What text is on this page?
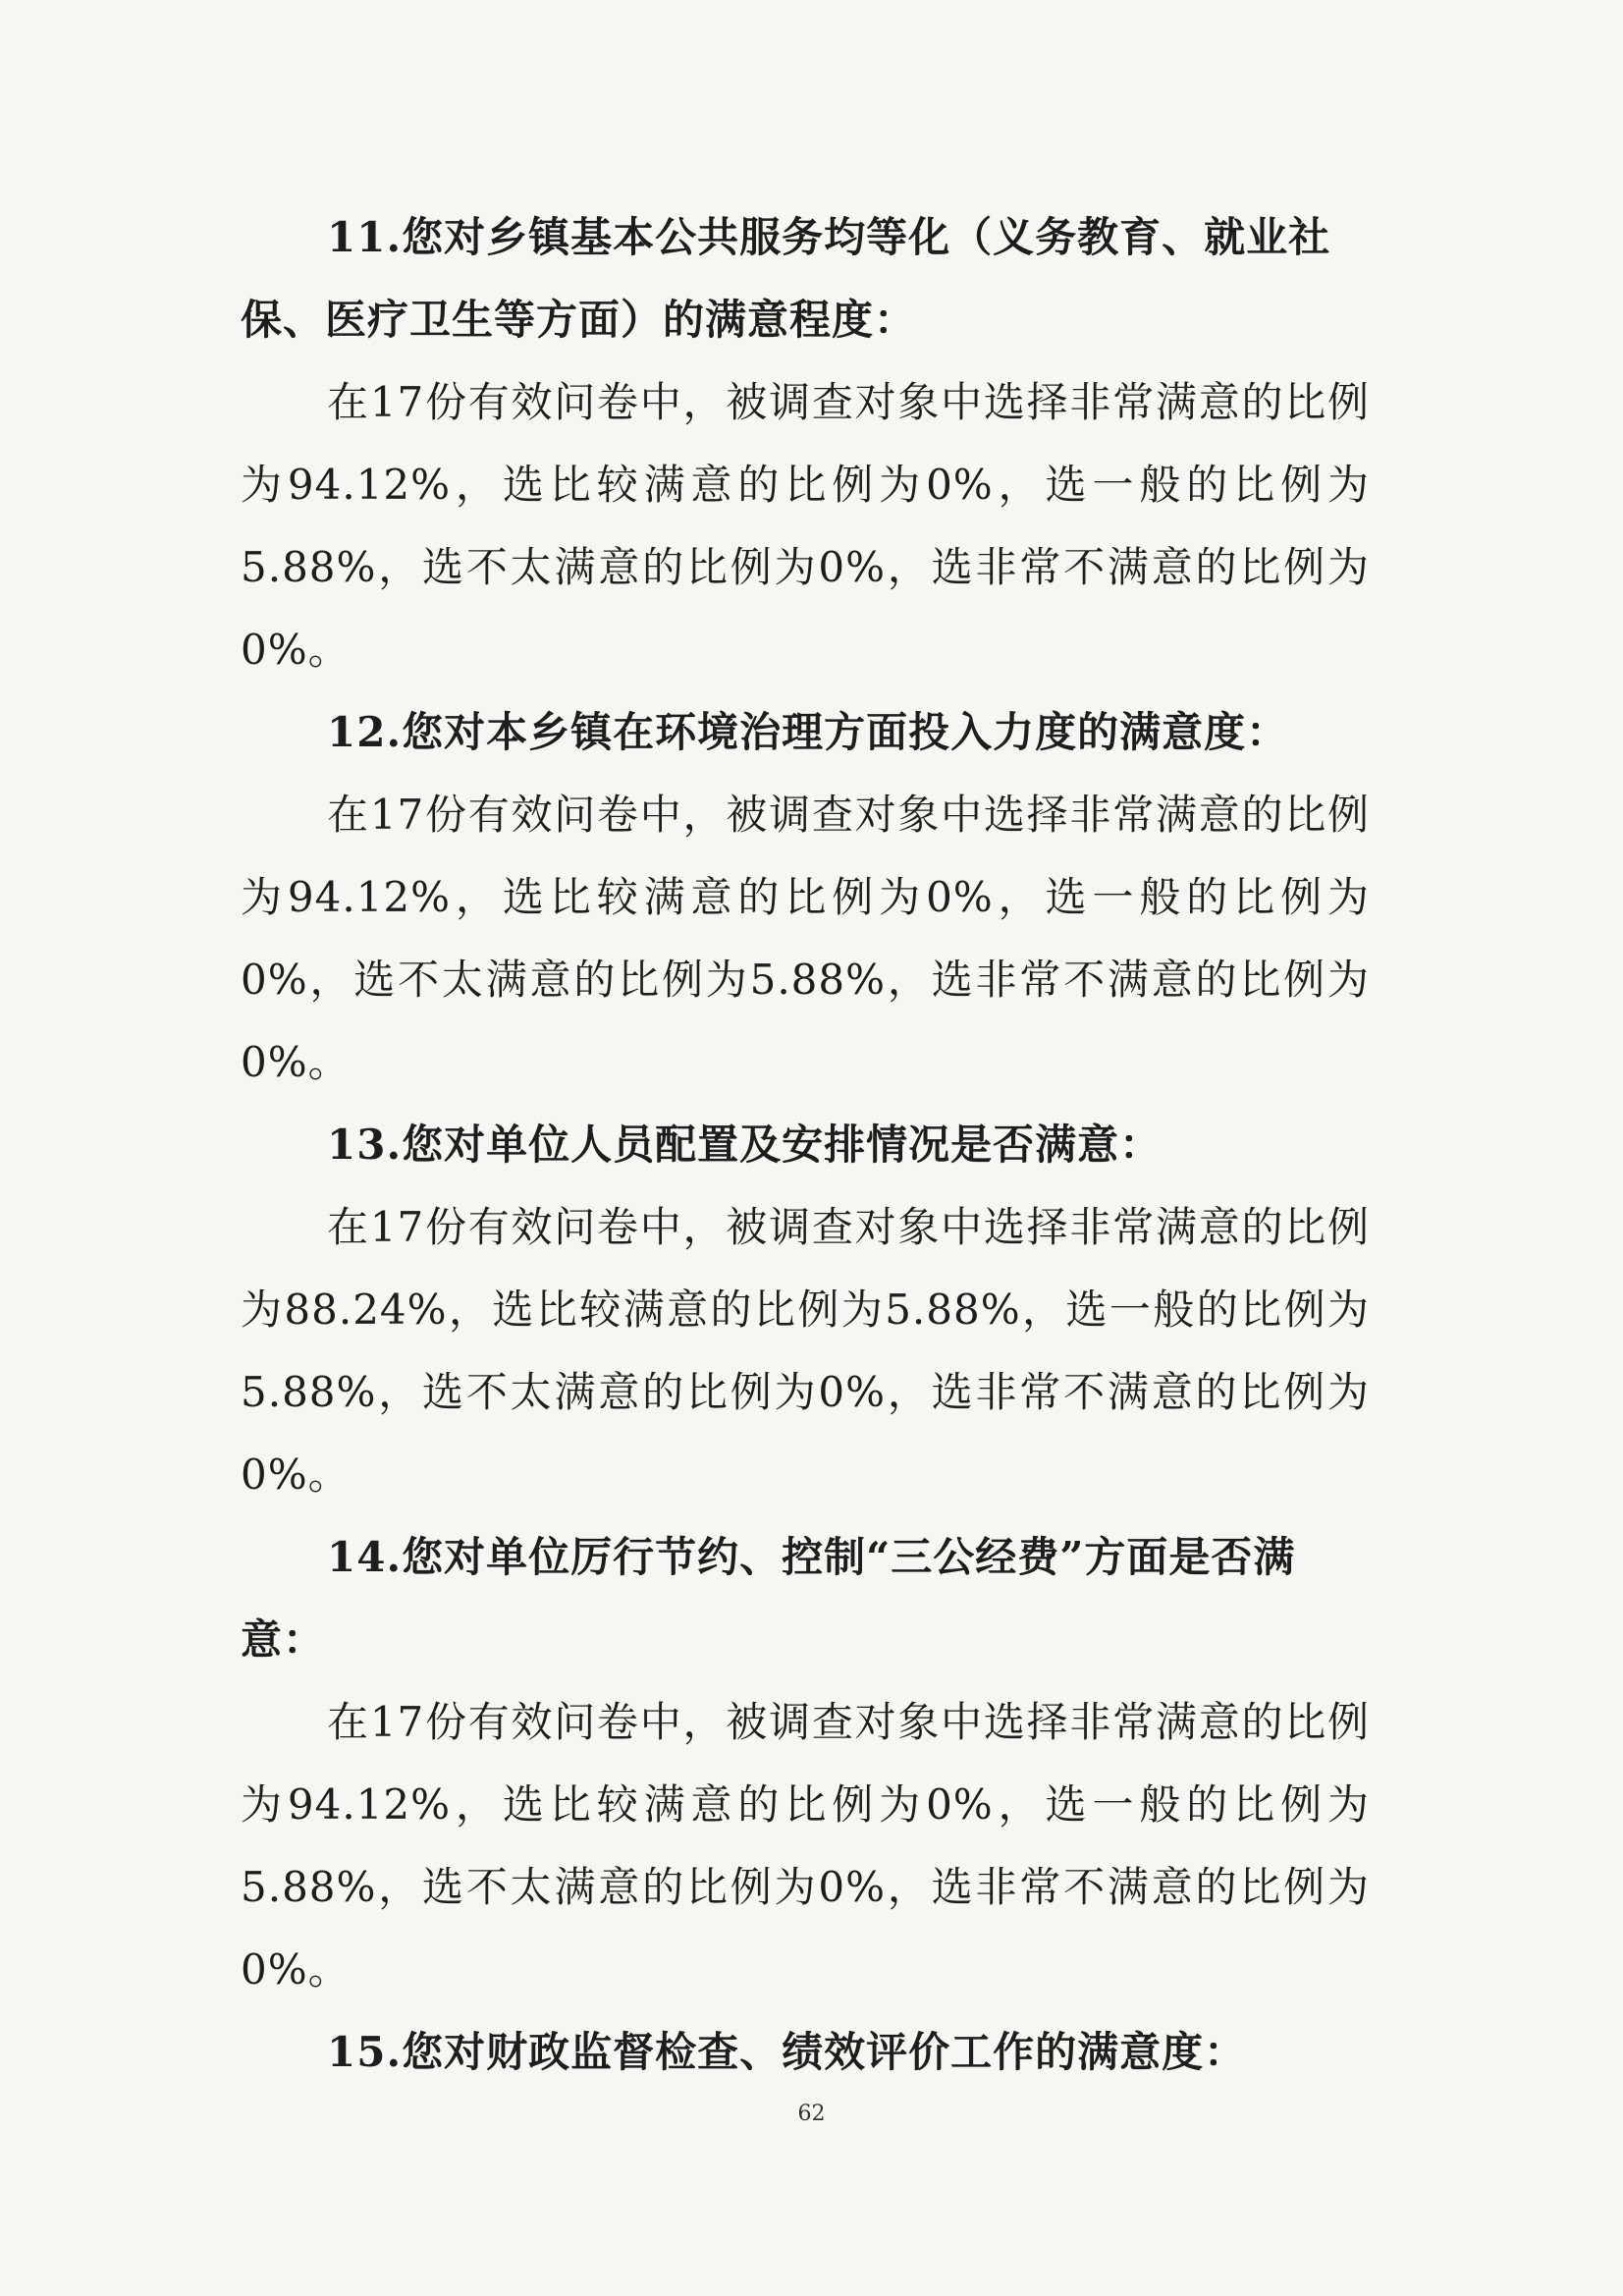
11.您对乡镇基本公共服务均等化（义务教育、就业社保、医疗卫生等方面）的满意程度：

在17份有效问卷中，被调查对象中选择非常满意的比例为94.12%，选比较满意的比例为0%，选一般的比例为5.88%，选不太满意的比例为0%，选非常不满意的比例为0%。

12.您对本乡镇在环境治理方面投入力度的满意度：

在17份有效问卷中，被调查对象中选择非常满意的比例为94.12%，选比较满意的比例为0%，选一般的比例为0%，选不太满意的比例为5.88%，选非常不满意的比例为0%。

13.您对单位人员配置及安排情况是否满意：

在17份有效问卷中，被调查对象中选择非常满意的比例为88.24%，选比较满意的比例为5.88%，选一般的比例为5.88%，选不太满意的比例为0%，选非常不满意的比例为0%。

14.您对单位厉行节约、控制“三公经费”方面是否满意：

在17份有效问卷中，被调查对象中选择非常满意的比例为94.12%，选比较满意的比例为0%，选一般的比例为5.88%，选不太满意的比例为0%，选非常不满意的比例为0%。

15.您对财政监督检查、绩效评价工作的满意度：

62
